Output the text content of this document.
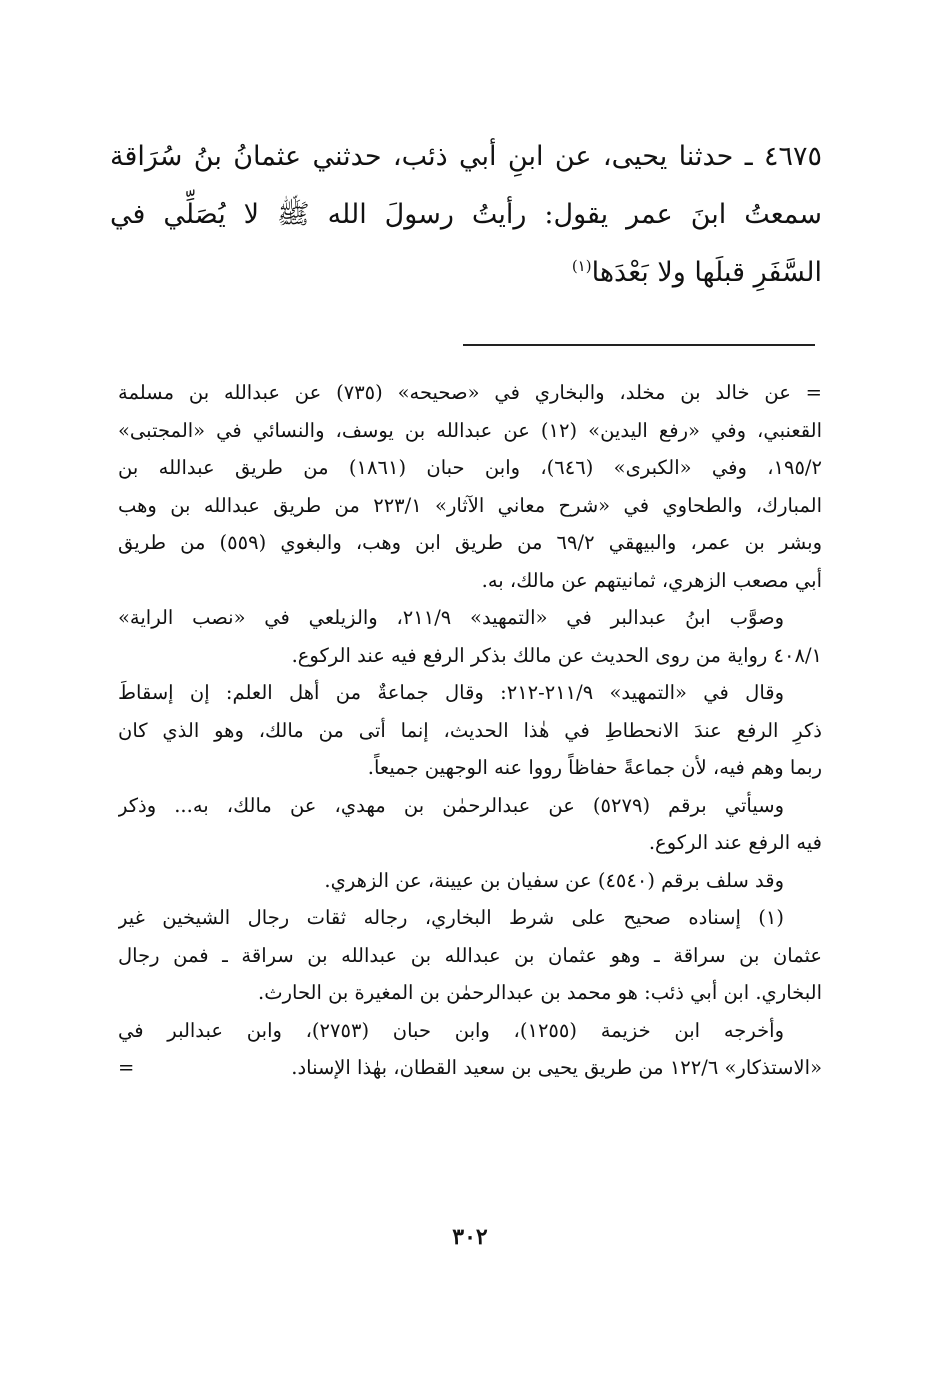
٤٦٧٥ ـ حدثنا يحيى، عن ابنِ أبي ذئب، حدثني عثمانُ بنُ سُرَاقة
سمعتُ ابنَ عمر يقول: رأيتُ رسولَ الله ﷺ لا يُصَلِّي في
السَّفَرِ قبلَها ولا بَعْدَها$^{(١)}$
= عن خالد بن مخلد، والبخاري في «صحيحه» (٧٣٥) عن عبدالله بن مسلمة
القعنبي، وفي «رفع اليدين» (١٢) عن عبدالله بن يوسف، والنسائي في «المجتبى»
١٩٥/٢، وفي «الكبرى» (٦٤٦)، وابن حبان (١٨٦١) من طريق عبدالله بن
المبارك، والطحاوي في «شرح معاني الآثار» ٢٢٣/١ من طريق عبدالله بن وهب
وبشر بن عمر، والبيهقي ٦٩/٢ من طريق ابن وهب، والبغوي (٥٥٩) من طريق
أبي مصعب الزهري، ثمانيتهم عن مالك، به.
وصوَّب ابنُ عبدالبر في «التمهيد» ٢١١/٩، والزيلعي في «نصب الراية»
٤٠٨/١ رواية من روى الحديث عن مالك بذكر الرفع فيه عند الركوع.
وقال في «التمهيد» ٢١١/٩-٢١٢: وقال جماعةٌ من أهل العلم: إن إسقاطَ
ذكرِ الرفع عندَ الانحطاطِ في هٰذا الحديث، إنما أتى من مالك، وهو الذي كان
ربما وهم فيه، لأن جماعةً حفاظاً رووا عنه الوجهين جميعاً.
وسيأتي برقم (٥٢٧٩) عن عبدالرحمٰن بن مهدي، عن مالك، به... وذكر
فيه الرفع عند الركوع.
وقد سلف برقم (٤٥٤٠) عن سفيان بن عيينة، عن الزهري.
(١) إسناده صحيح على شرط البخاري، رجاله ثقات رجال الشيخين غير
عثمان بن سراقة ـ وهو عثمان بن عبدالله بن عبدالله بن سراقة ـ فمن رجال
البخاري. ابن أبي ذئب: هو محمد بن عبدالرحمٰن بن المغيرة بن الحارث.
وأخرجه ابن خزيمة (١٢٥٥)، وابن حبان (٢٧٥٣)، وابن عبدالبر في
«الاستذكار» ١٢٢/٦ من طريق يحيى بن سعيد القطان، بهٰذا الإسناد.
=
٣٠٢
